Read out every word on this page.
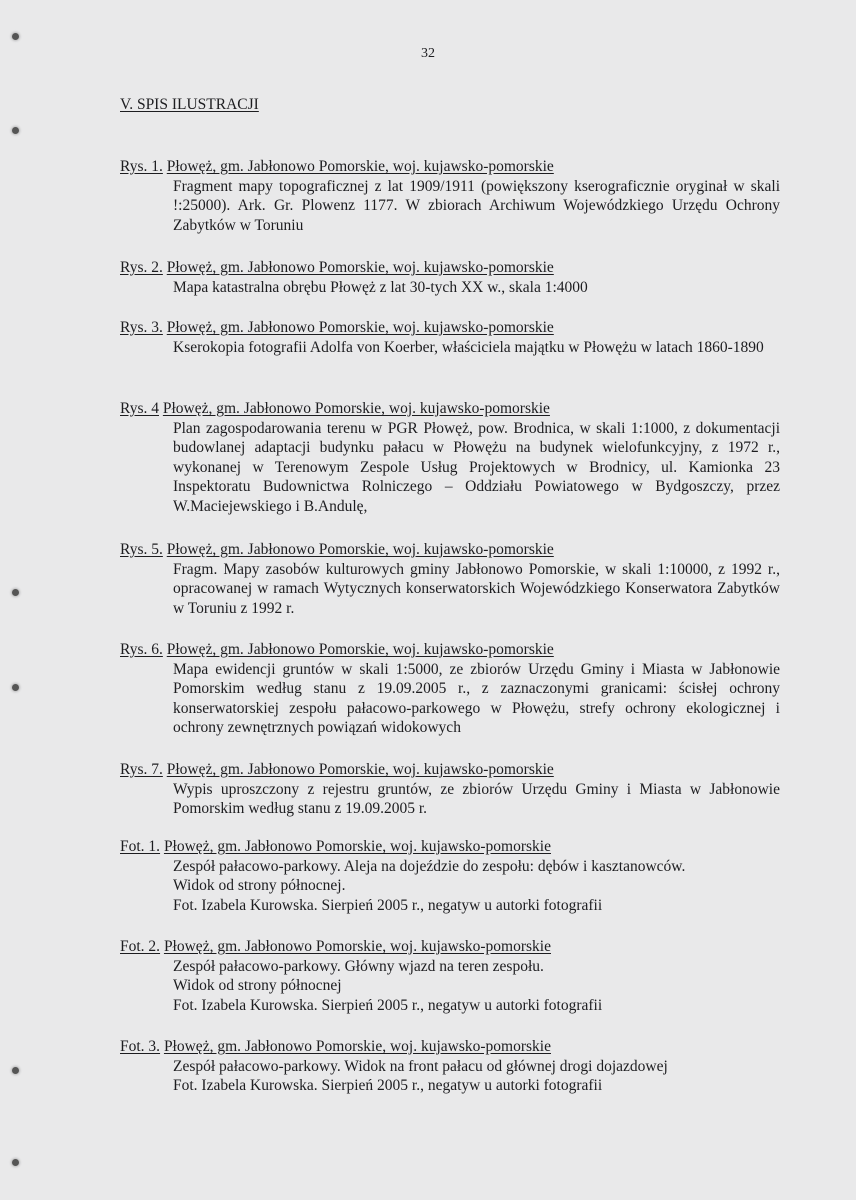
32
V. SPIS ILUSTRACJI
Rys. 1. Płowęż, gm. Jabłonowo Pomorskie, woj. kujawsko-pomorskie
Fragment mapy topograficznej z lat 1909/1911 (powiększony kserograficznie oryginał w skali !:25000). Ark. Gr. Plowenz 1177. W zbiorach Archiwum Wojewódzkiego Urzędu Ochrony Zabytków w Toruniu
Rys. 2. Płowęż, gm. Jabłonowo Pomorskie, woj. kujawsko-pomorskie
Mapa katastralna obrębu Płowęż z lat 30-tych XX w., skala 1:4000
Rys. 3. Płowęż, gm. Jabłonowo Pomorskie, woj. kujawsko-pomorskie
Kserokopia fotografii Adolfa von Koerber, właściciela majątku w Płowężu w latach 1860-1890
Rys. 4 Płowęż, gm. Jabłonowo Pomorskie, woj. kujawsko-pomorskie
Plan zagospodarowania terenu w PGR Płowęż, pow. Brodnica, w skali 1:1000, z dokumentacji budowlanej adaptacji budynku pałacu w Płowężu na budynek wielofunkcyjny, z 1972 r., wykonanej w Terenowym Zespole Usług Projektowych w Brodnicy, ul. Kamionka 23 Inspektoratu Budownictwa Rolniczego – Oddziału Powiatowego w Bydgoszczy, przez W.Maciejewskiego i B.Andulę,
Rys. 5. Płowęż, gm. Jabłonowo Pomorskie, woj. kujawsko-pomorskie
Fragm. Mapy zasobów kulturowych gminy Jabłonowo Pomorskie, w skali 1:10000, z 1992 r., opracowanej w ramach Wytycznych konserwatorskich Wojewódzkiego Konserwatora Zabytków w Toruniu z 1992 r.
Rys. 6. Płowęż, gm. Jabłonowo Pomorskie, woj. kujawsko-pomorskie
Mapa ewidencji gruntów w skali 1:5000, ze zbiorów Urzędu Gminy i Miasta w Jabłonowie Pomorskim według stanu z 19.09.2005 r., z zaznaczonymi granicami: ścisłej ochrony konserwatorskiej zespołu pałacowo-parkowego w Płowężu, strefy ochrony ekologicznej i ochrony zewnętrznych powiązań widokowych
Rys. 7. Płowęż, gm. Jabłonowo Pomorskie, woj. kujawsko-pomorskie
Wypis uproszczony z rejestru gruntów, ze zbiorów Urzędu Gminy i Miasta w Jabłonowie Pomorskim według stanu z 19.09.2005 r.
Fot. 1. Płowęż, gm. Jabłonowo Pomorskie, woj. kujawsko-pomorskie
Zespół pałacowo-parkowy. Aleja na dojeździe do zespołu: dębów i kasztanowców.
Widok od strony północnej.
Fot. Izabela Kurowska. Sierpień 2005 r., negatyw u autorki fotografii
Fot. 2. Płowęż, gm. Jabłonowo Pomorskie, woj. kujawsko-pomorskie
Zespół pałacowo-parkowy. Główny wjazd na teren zespołu.
Widok od strony północnej
Fot. Izabela Kurowska. Sierpień 2005 r., negatyw u autorki fotografii
Fot. 3. Płowęż, gm. Jabłonowo Pomorskie, woj. kujawsko-pomorskie
Zespół pałacowo-parkowy. Widok na front pałacu od głównej drogi dojazdowej
Fot. Izabela Kurowska. Sierpień 2005 r., negatyw u autorki fotografii
